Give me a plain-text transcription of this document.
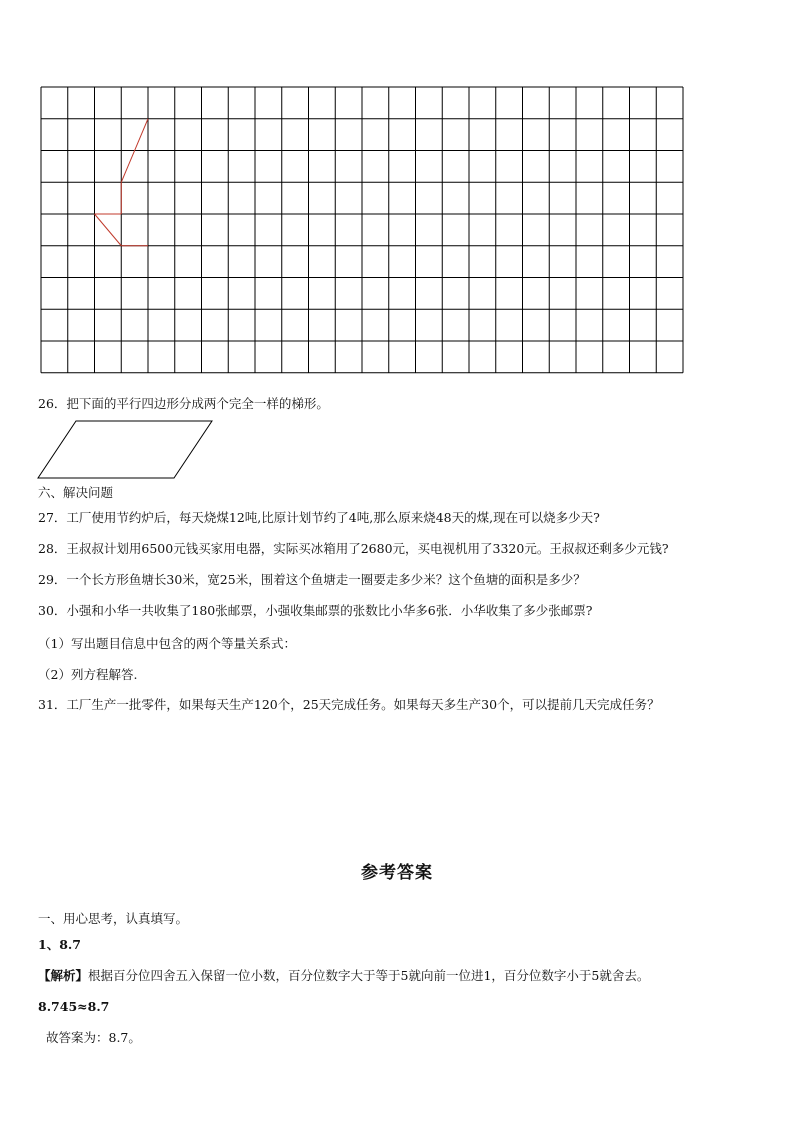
26．把下面的平行四边形分成两个完全一样的梯形。
六、解决问题
27．工厂使用节约炉后，每天烧煤12吨,比原计划节约了4吨,那么原来烧48天的煤,现在可以烧多少天?
28．王叔叔计划用6500元钱买家用电器，实际买冰箱用了2680元，买电视机用了3320元。王叔叔还剩多少元钱?
29．一个长方形鱼塘长30米，宽25米，围着这个鱼塘走一圈要走多少米？这个鱼塘的面积是多少？
30．小强和小华一共收集了180张邮票，小强收集邮票的张数比小华多6张．小华收集了多少张邮票?
（1）写出题目信息中包含的两个等量关系式：
（2）列方程解答.
31．工厂生产一批零件，如果每天生产120个，25天完成任务。如果每天多生产30个，可以提前几天完成任务？
参考答案
一、用心思考，认真填写。
1、8.7
【解析】根据百分位四舍五入保留一位小数，百分位数字大于等于5就向前一位进1，百分位数字小于5就舍去。
8.745≈8.7
故答案为：8.7。
